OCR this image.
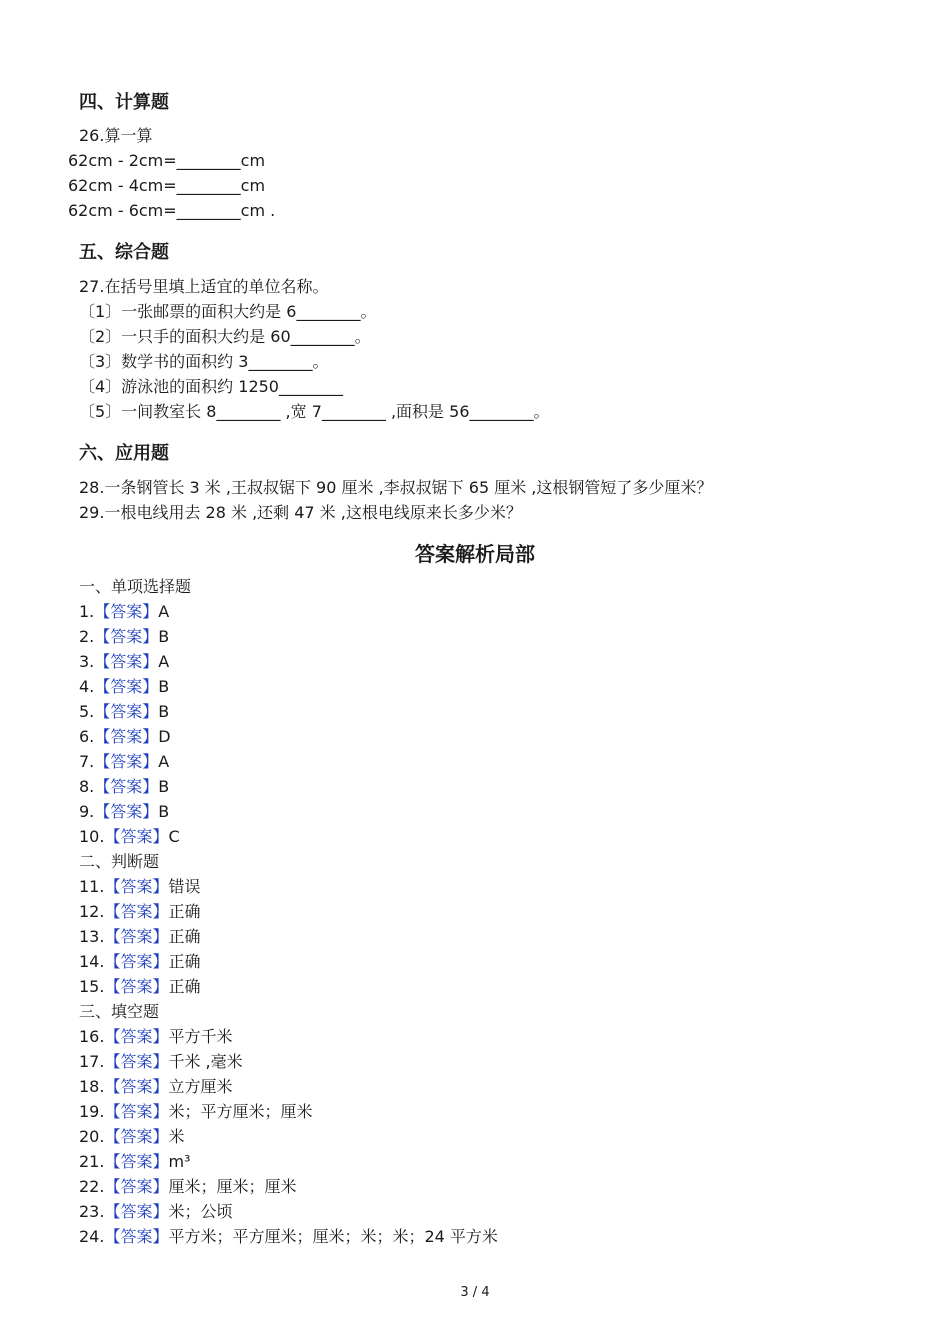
四、计算题
26.算一算
62cm - 2cm=________cm
62cm - 4cm=________cm
62cm - 6cm=________cm .
五、综合题
27.在括号里填上适宜的单位名称。
〔1〕一张邮票的面积大约是 6________。
〔2〕一只手的面积大约是 60________。
〔3〕数学书的面积约 3________。
〔4〕游泳池的面积约 1250________
〔5〕一间教室长 8________ ,宽 7________ ,面积是 56________。
六、应用题
28.一条钢管长 3 米 ,王叔叔锯下 90 厘米 ,李叔叔锯下 65 厘米 ,这根钢管短了多少厘米？
29.一根电线用去 28 米 ,还剩 47 米 ,这根电线原来长多少米？
答案解析局部
一、单项选择题
1.【答案】A
2.【答案】B
3.【答案】A
4.【答案】B
5.【答案】B
6.【答案】D
7.【答案】A
8.【答案】B
9.【答案】B
10.【答案】C
二、判断题
11.【答案】错误
12.【答案】正确
13.【答案】正确
14.【答案】正确
15.【答案】正确
三、填空题
16.【答案】平方千米
17.【答案】千米 ,毫米
18.【答案】立方厘米
19.【答案】米；平方厘米；厘米
20.【答案】米
21.【答案】m³
22.【答案】厘米；厘米；厘米
23.【答案】米；公顷
24.【答案】平方米；平方厘米；厘米；米；米；24 平方米
3 / 4
